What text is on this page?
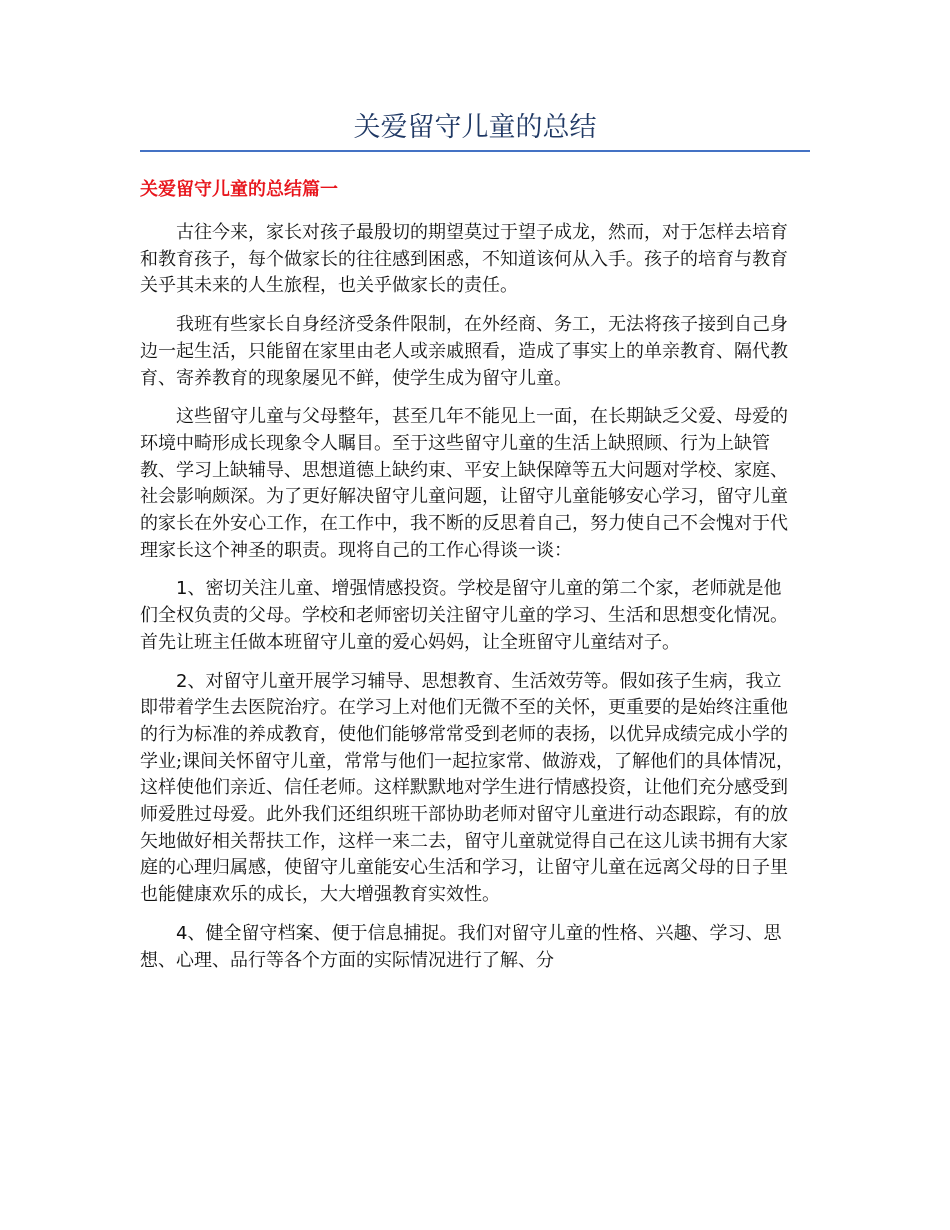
关爱留守儿童的总结
关爱留守儿童的总结篇一

古往今来，家长对孩子最殷切的期望莫过于望子成龙，然而，对于怎样去培育和教育孩子，每个做家长的往往感到困惑，不知道该何从入手。孩子的培育与教育关乎其未来的人生旅程，也关乎做家长的责任。

我班有些家长自身经济受条件限制，在外经商、务工，无法将孩子接到自己身边一起生活，只能留在家里由老人或亲戚照看，造成了事实上的单亲教育、隔代教育、寄养教育的现象屡见不鲜，使学生成为留守儿童。

这些留守儿童与父母整年，甚至几年不能见上一面，在长期缺乏父爱、母爱的环境中畸形成长现象令人瞩目。至于这些留守儿童的生活上缺照顾、行为上缺管教、学习上缺辅导、思想道德上缺约束、平安上缺保障等五大问题对学校、家庭、社会影响颇深。为了更好解决留守儿童问题，让留守儿童能够安心学习，留守儿童的家长在外安心工作，在工作中，我不断的反思着自己，努力使自己不会愧对于代理家长这个神圣的职责。现将自己的工作心得谈一谈：

1、密切关注儿童、增强情感投资。学校是留守儿童的第二个家，老师就是他们全权负责的父母。学校和老师密切关注留守儿童的学习、生活和思想变化情况。首先让班主任做本班留守儿童的爱心妈妈，让全班留守儿童结对子。

2、对留守儿童开展学习辅导、思想教育、生活效劳等。假如孩子生病，我立即带着学生去医院治疗。在学习上对他们无微不至的关怀，更重要的是始终注重他的行为标准的养成教育，使他们能够常常受到老师的表扬，以优异成绩完成小学的学业;课间关怀留守儿童，常常与他们一起拉家常、做游戏，了解他们的具体情况，这样使他们亲近、信任老师。这样默默地对学生进行情感投资，让他们充分感受到师爱胜过母爱。此外我们还组织班干部协助老师对留守儿童进行动态跟踪，有的放矢地做好相关帮扶工作，这样一来二去，留守儿童就觉得自己在这儿读书拥有大家庭的心理归属感，使留守儿童能安心生活和学习，让留守儿童在远离父母的日子里也能健康欢乐的成长，大大增强教育实效性。

4、健全留守档案、便于信息捕捉。我们对留守儿童的性格、兴趣、学习、思想、心理、品行等各个方面的实际情况进行了解、分
